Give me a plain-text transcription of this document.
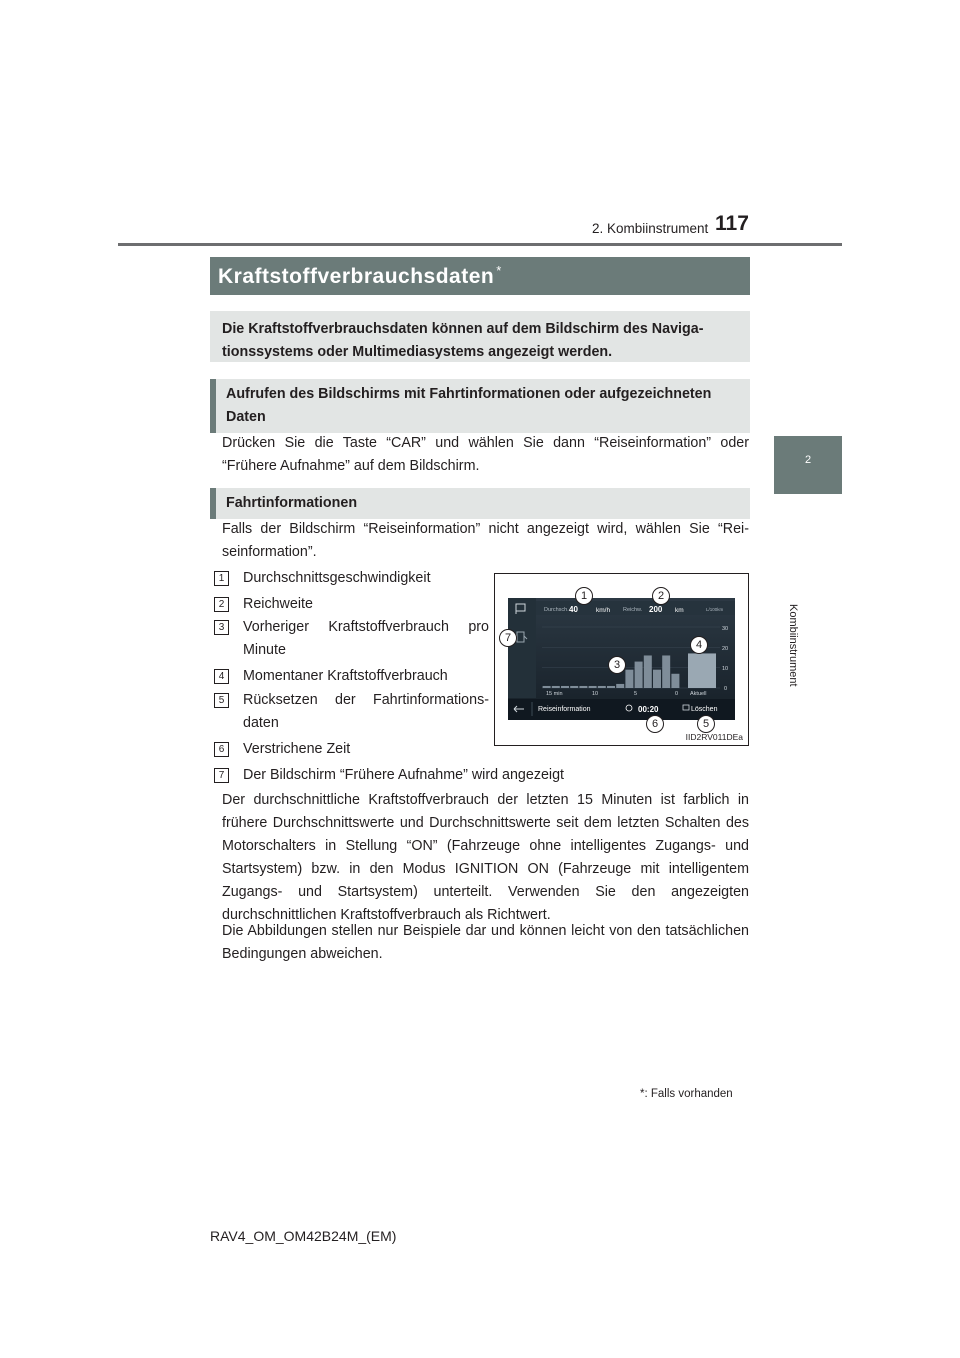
2. Kombiinstrument 117
2
Kombiinstrument
Kraftstoffverbrauchsdaten *

Die Kraftstoffverbrauchsdaten können auf dem Bildschirm des Navigationssystems oder Multimediasystems angezeigt werden.

Aufrufen des Bildschirms mit Fahrtinformationen oder aufgezeichneten Daten

Drücken Sie die Taste “CAR” und wählen Sie dann “Reiseinformation” oder “Frühere Aufnahme” auf dem Bildschirm.

Fahrtinformationen

Falls der Bildschirm “Reiseinformation” nicht angezeigt wird, wählen Sie “Reiseinformation”.

1	Durchschnittsgeschwindigkeit
2	Reichweite
3	Vorheriger Kraftstoffverbrauch pro Minute
4	Momentaner Kraftstoffverbrauch
5	Rücksetzen der Fahrtinformationsdaten
6	Verstrichene Zeit
7	Der Bildschirm “Frühere Aufnahme” wird angezeigt
Durchsch. 40	km/h Reichw. 200 km	L/100km
30
20
10
0
15 min	10	5	0 Aktuell
Reiseinformation	00:20	Löschen
1	2
3
4
5
6
7
IID2RV011DEa

Der durchschnittliche Kraftstoffverbrauch der letzten 15 Minuten ist farblich in frühere Durchschnittswerte und Durchschnittswerte seit dem letzten Schalten des Motorschalters in Stellung “ON” (Fahrzeuge ohne intelligentes Zugangs- und Startsystem) bzw. in den Modus IGNITION ON (Fahrzeuge mit intelligentem Zugangs- und Startsystem) unterteilt. Verwenden Sie den angezeigten durchschnittlichen Kraftstoffverbrauch als Richtwert.

Die Abbildungen stellen nur Beispiele dar und können leicht von den tatsächlichen Bedingungen abweichen.

*: Falls vorhanden
RAV4_OM_OM42B24M_(EM)
